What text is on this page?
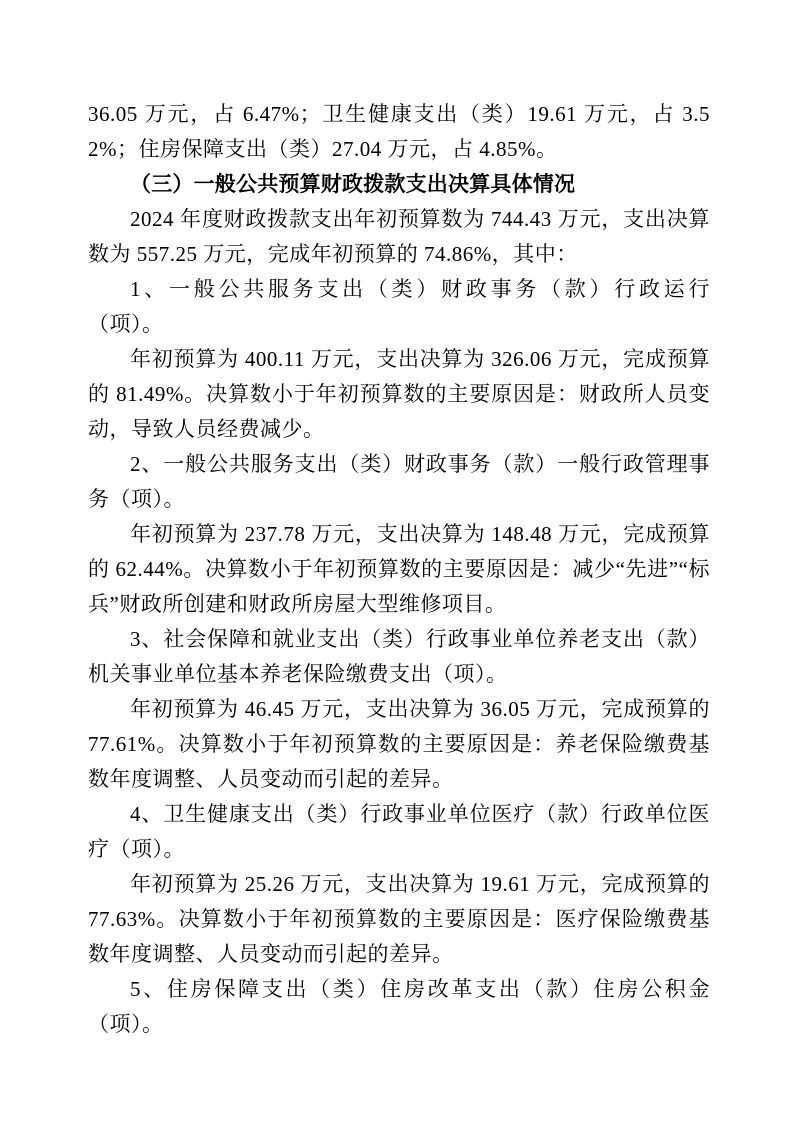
36.05 万元，占 6.47%；卫生健康支出（类）19.61 万元，占 3.52%；住房保障支出（类）27.04 万元，占 4.85%。

（三）一般公共预算财政拨款支出决算具体情况

2024 年度财政拨款支出年初预算数为 744.43 万元，支出决算数为 557.25 万元，完成年初预算的 74.86%，其中：

1、一般公共服务支出（类）财政事务（款）行政运行（项）。

年初预算为 400.11 万元，支出决算为 326.06 万元，完成预算的 81.49%。决算数小于年初预算数的主要原因是：财政所人员变动，导致人员经费减少。

2、一般公共服务支出（类）财政事务（款）一般行政管理事务（项）。

年初预算为 237.78 万元，支出决算为 148.48 万元，完成预算的 62.44%。决算数小于年初预算数的主要原因是：减少“先进”“标兵”财政所创建和财政所房屋大型维修项目。

3、社会保障和就业支出（类）行政事业单位养老支出（款）机关事业单位基本养老保险缴费支出（项）。

年初预算为 46.45 万元，支出决算为 36.05 万元，完成预算的 77.61%。决算数小于年初预算数的主要原因是：养老保险缴费基数年度调整、人员变动而引起的差异。

4、卫生健康支出（类）行政事业单位医疗（款）行政单位医疗（项）。

年初预算为 25.26 万元，支出决算为 19.61 万元，完成预算的 77.63%。决算数小于年初预算数的主要原因是：医疗保险缴费基数年度调整、人员变动而引起的差异。

5、住房保障支出（类）住房改革支出（款）住房公积金（项）。
